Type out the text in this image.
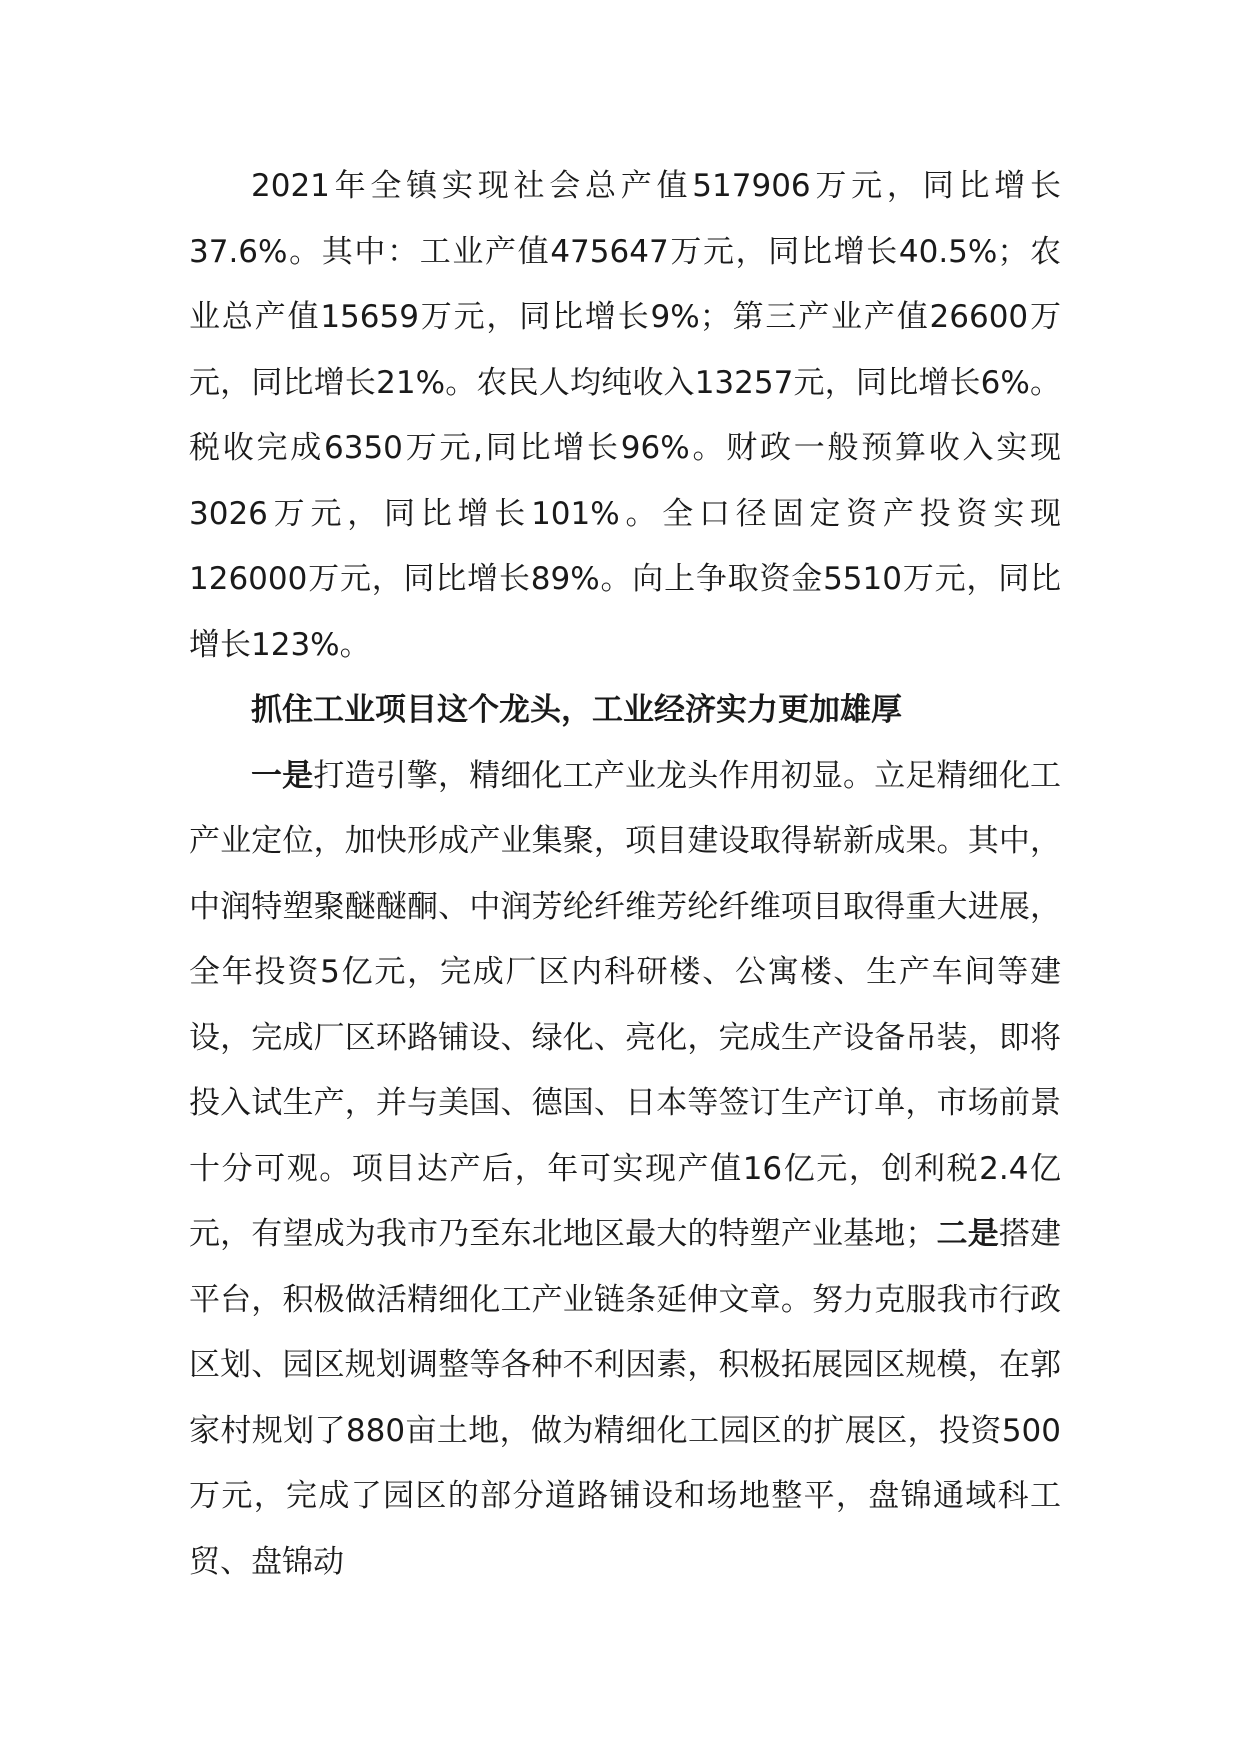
2021年全镇实现社会总产值517906万元，同比增长37.6%。其中：工业产值475647万元，同比增长40.5%；农业总产值15659万元，同比增长9%；第三产业产值26600万元，同比增长21%。农民人均纯收入13257元，同比增长6%。税收完成6350万元,同比增长96%。财政一般预算收入实现3026万元，同比增长101%。全口径固定资产投资实现126000万元，同比增长89%。向上争取资金5510万元，同比增长123%。

抓住工业项目这个龙头，工业经济实力更加雄厚

一是打造引擎，精细化工产业龙头作用初显。立足精细化工产业定位，加快形成产业集聚，项目建设取得崭新成果。其中，中润特塑聚醚醚酮、中润芳纶纤维芳纶纤维项目取得重大进展，全年投资5亿元，完成厂区内科研楼、公寓楼、生产车间等建设，完成厂区环路铺设、绿化、亮化，完成生产设备吊装，即将投入试生产，并与美国、德国、日本等签订生产订单，市场前景十分可观。项目达产后，年可实现产值16亿元，创利税2.4亿元，有望成为我市乃至东北地区最大的特塑产业基地；二是搭建平台，积极做活精细化工产业链条延伸文章。努力克服我市行政区划、园区规划调整等各种不利因素，积极拓展园区规模，在郭家村规划了880亩土地，做为精细化工园区的扩展区，投资500万元，完成了园区的部分道路铺设和场地整平，盘锦通域科工贸、盘锦动
